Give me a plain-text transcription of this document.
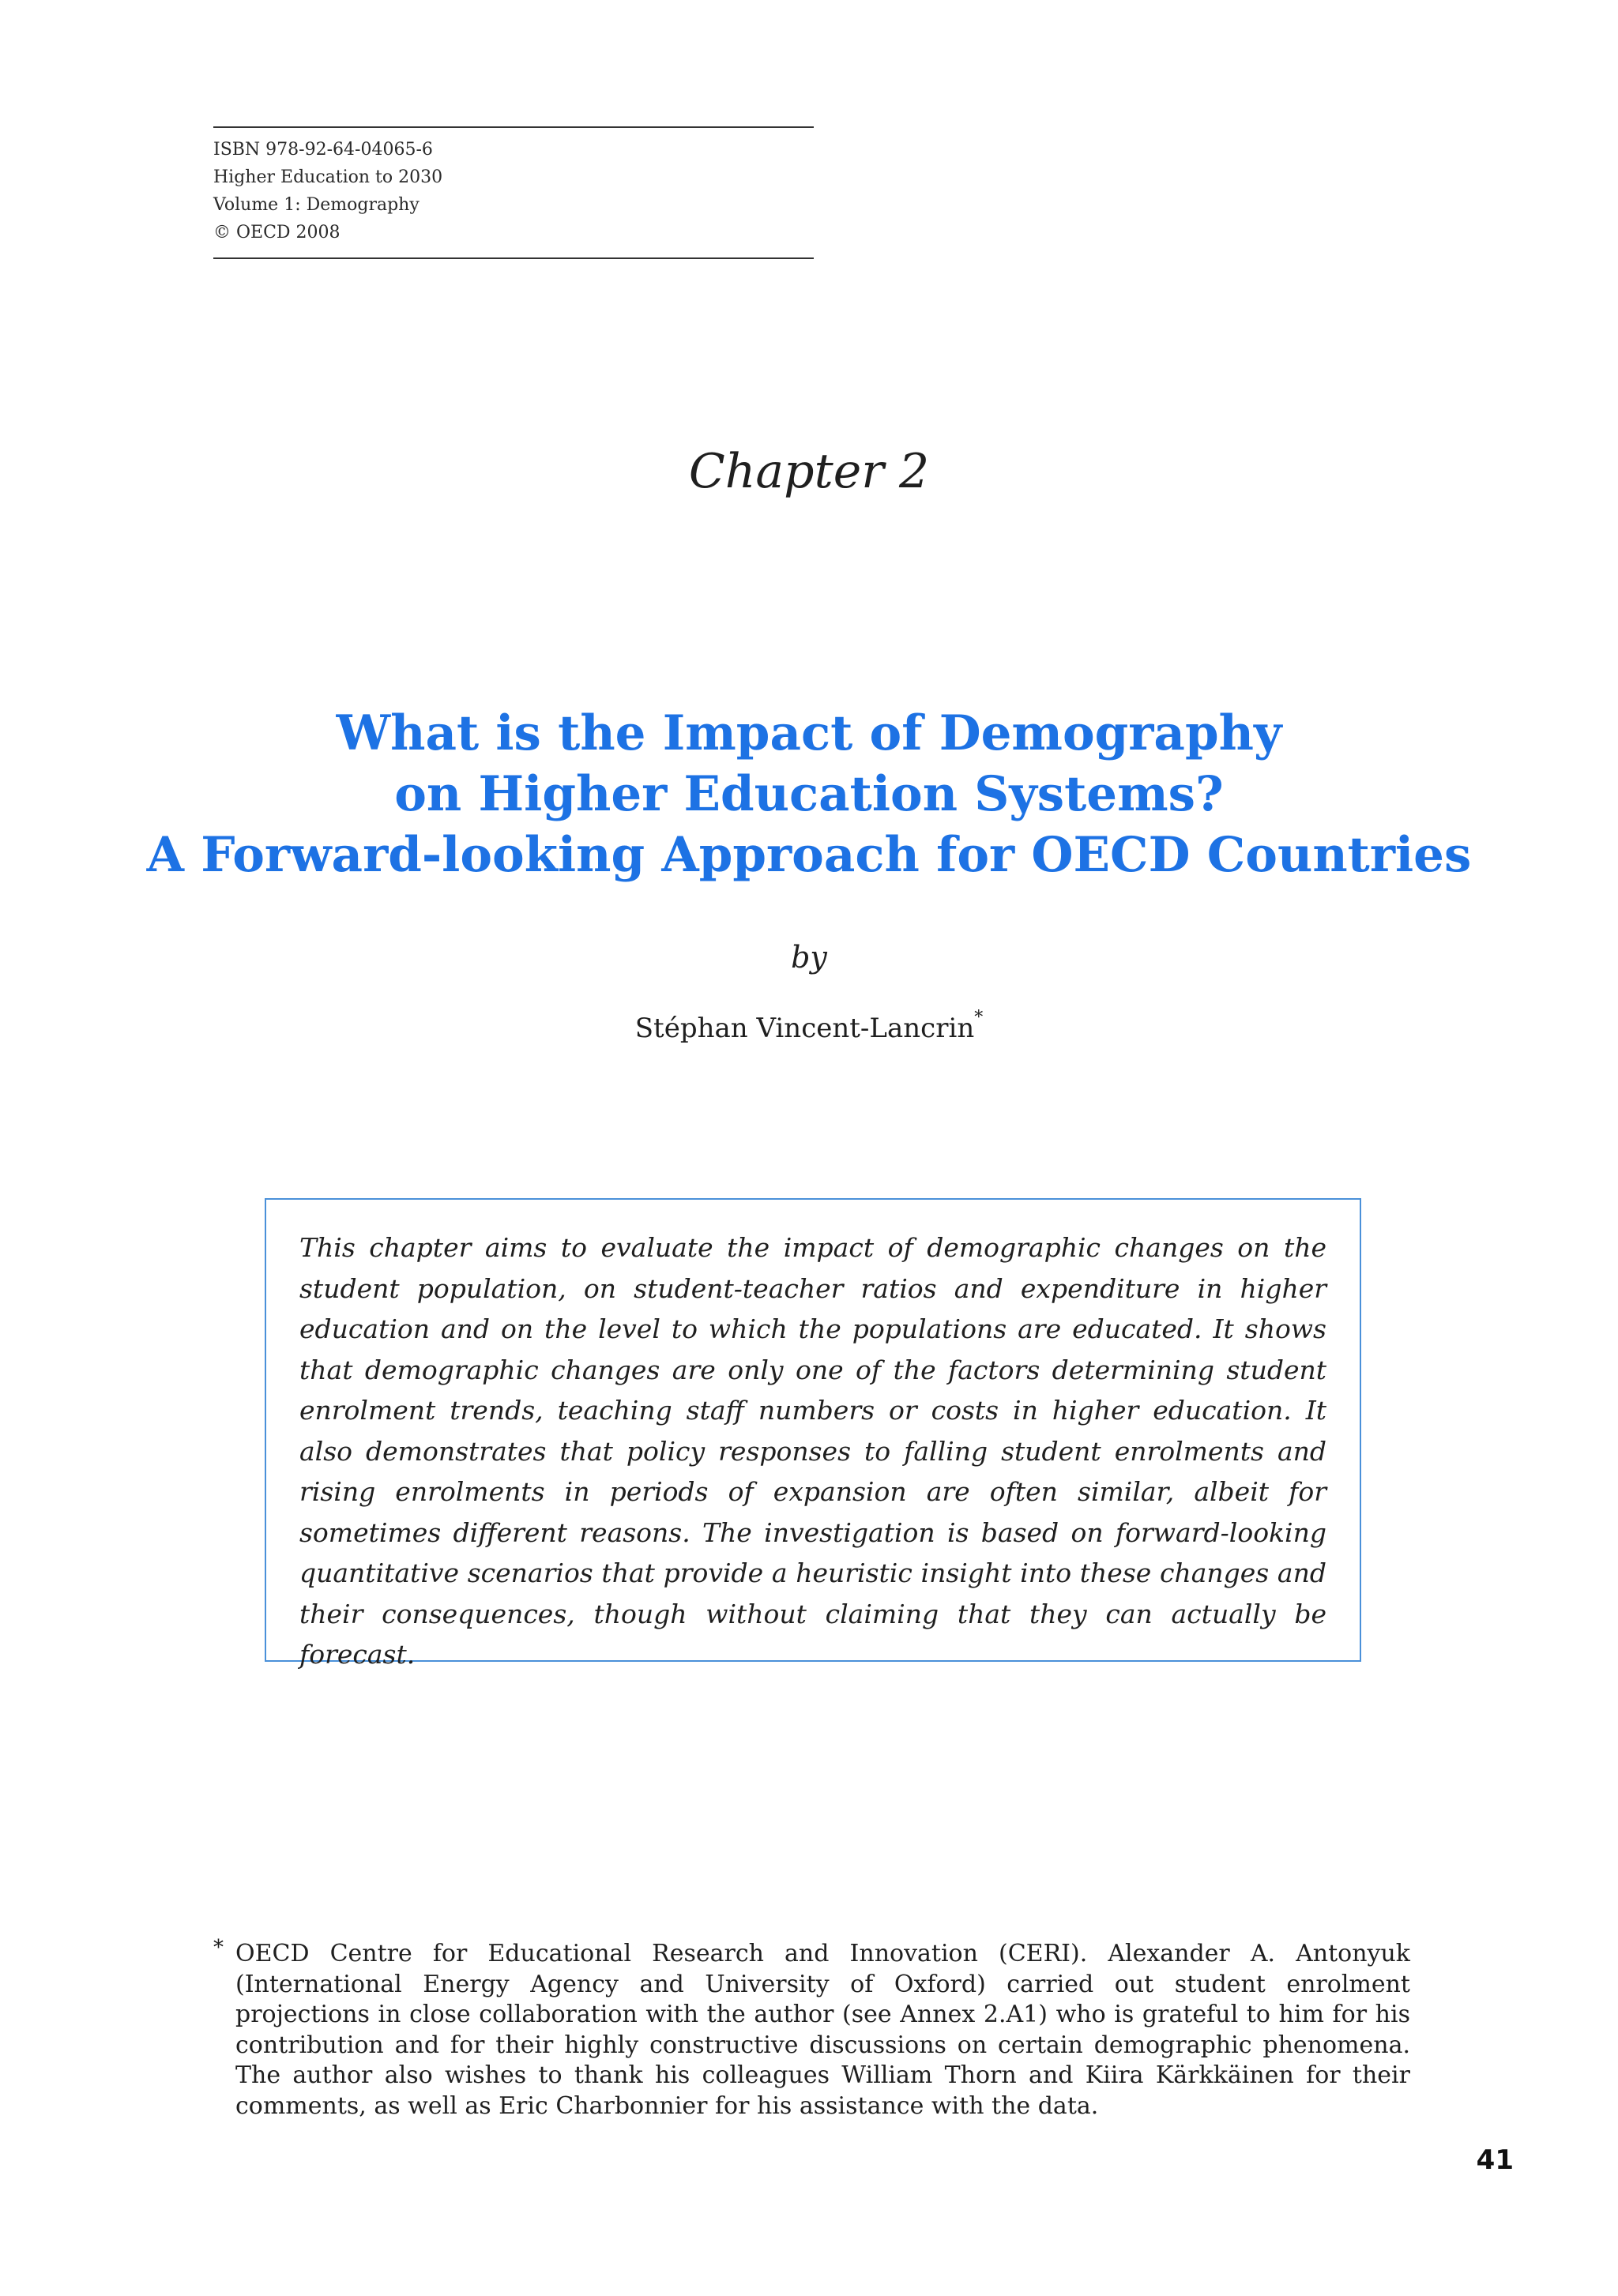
ISBN 978-92-64-04065-6
Higher Education to 2030
Volume 1: Demography
© OECD 2008
Chapter 2
What is the Impact of Demography
on Higher Education Systems?
A Forward-looking Approach for OECD Countries
by
Stéphan Vincent-Lancrin*

This chapter aims to evaluate the impact of demographic changes on the student population, on student-teacher ratios and expenditure in higher education and on the level to which the populations are educated. It shows that demographic changes are only one of the factors determining student enrolment trends, teaching staff numbers or costs in higher education. It also demonstrates that policy responses to falling student enrolments and rising enrolments in periods of expansion are often similar, albeit for sometimes different reasons. The investigation is based on forward-looking quantitative scenarios that provide a heuristic insight into these changes and their consequences, though without claiming that they can actually be forecast.

* OECD Centre for Educational Research and Innovation (CERI). Alexander A. Antonyuk (International Energy Agency and University of Oxford) carried out student enrolment projections in close collaboration with the author (see Annex 2.A1) who is grateful to him for his contribution and for their highly constructive discussions on certain demographic phenomena. The author also wishes to thank his colleagues William Thorn and Kiira Kärkkäinen for their comments, as well as Eric Charbonnier for his assistance with the data.
41
